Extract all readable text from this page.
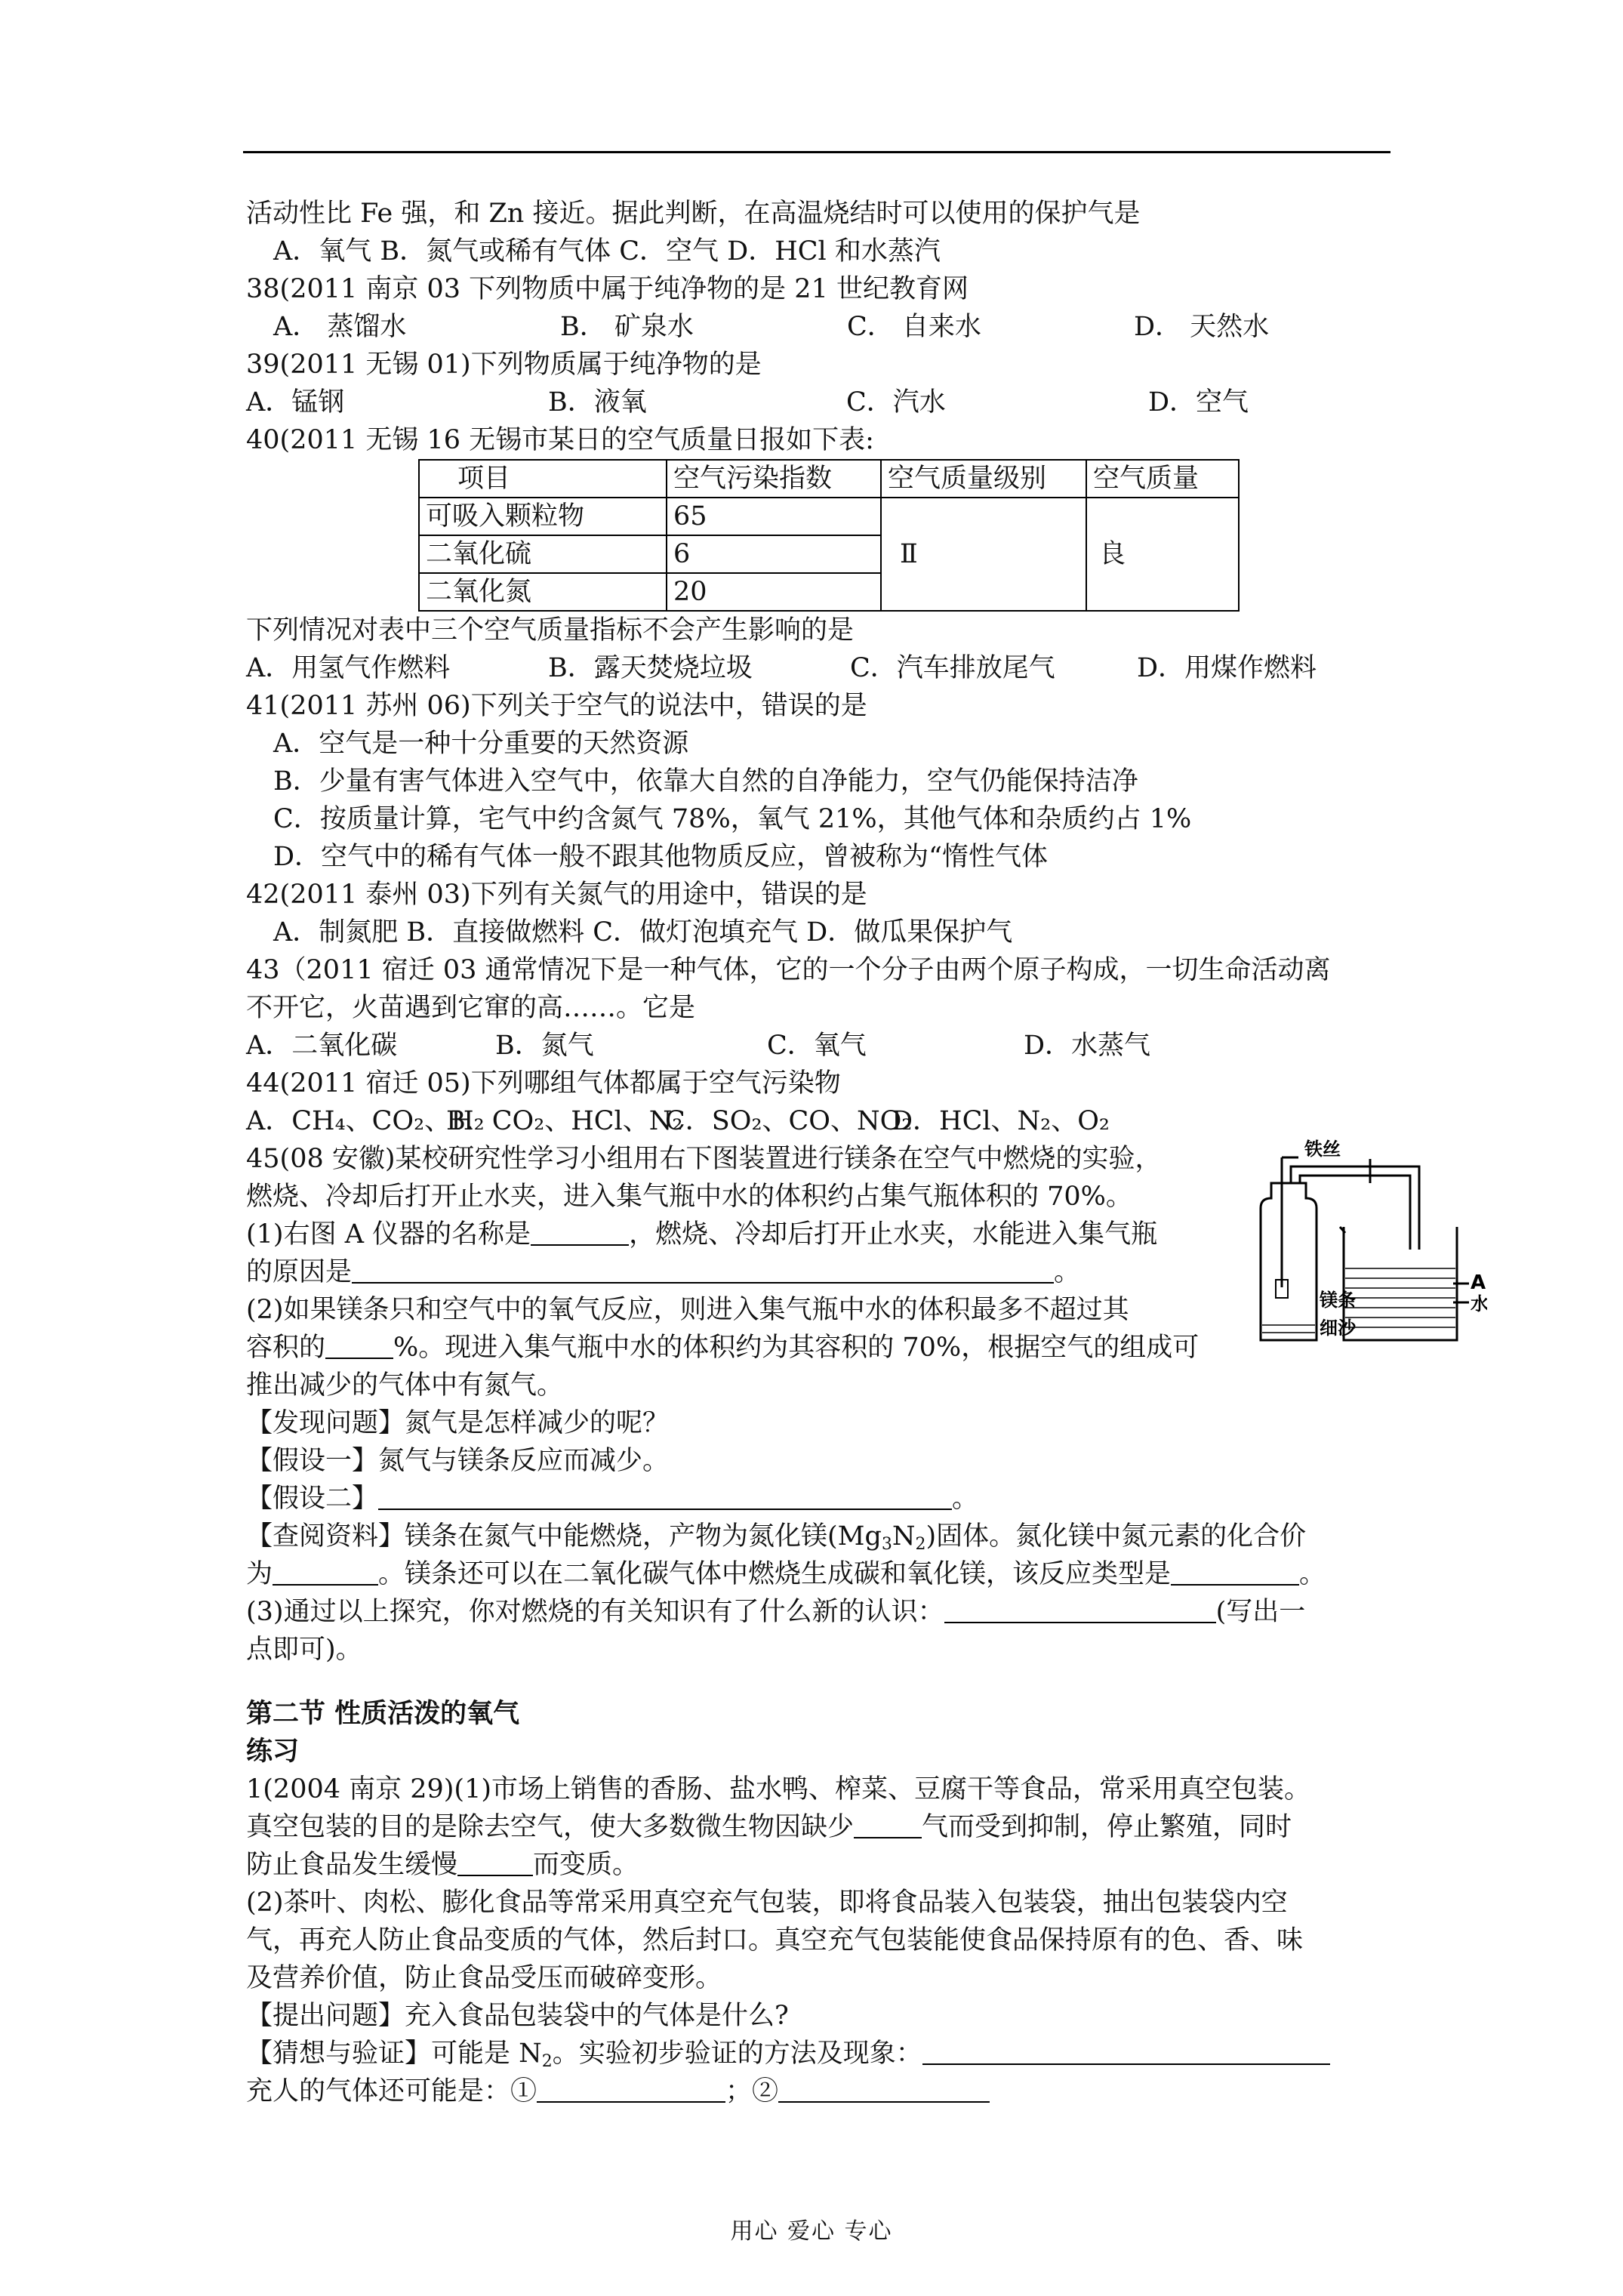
活动性比 Fe 强，和 Zn 接近。据此判断，在高温烧结时可以使用的保护气是
A．氧气 B．氮气或稀有气体 C．空气 D．HCl 和水蒸汽
38(2011 南京 03 下列物质中属于纯净物的是 21 世纪教育网
A． 蒸馏水	B． 矿泉水	C． 自来水	D． 天然水
39(2011 无锡 01)下列物质属于纯净物的是
A．锰钢	B．液氧	C．汽水	D．空气
40(2011 无锡 16 无锡市某日的空气质量日报如下表:
项目	空气污染指数	空气质量级别	空气质量
可吸入颗粒物	65	Ⅱ	良
二氧化硫	6		
二氧化氮	20		
下列情况对表中三个空气质量指标不会产生影响的是
A．用氢气作燃料	B．露天焚烧垃圾	C．汽车排放尾气	D．用煤作燃料
41(2011 苏州 06)下列关于空气的说法中，错误的是
A．空气是一种十分重要的天然资源
B．少量有害气体进入空气中，依靠大自然的自净能力，空气仍能保持洁净
C．按质量计算，宅气中约含氮气 78%，氧气 21%，其他气体和杂质约占 1%
D．空气中的稀有气体一般不跟其他物质反应，曾被称为“惰性气体
42(2011 泰州 03)下列有关氮气的用途中，错误的是
A．制氮肥 B．直接做燃料 C．做灯泡填充气 D．做瓜果保护气
43（2011 宿迁 03 通常情况下是一种气体，它的一个分子由两个原子构成，一切生命活动离
不开它，火苗遇到它窜的高……。它是
A．二氧化碳	B．氮气	C．氧气	D．水蒸气
44(2011 宿迁 05)下列哪组气体都属于空气污染物
A．CH₄、CO₂、H₂
B．CO₂、HCl、N₂
C．SO₂、CO、NO₂
D．HCl、N₂、O₂
45(08 安徽)某校研究性学习小组用右下图装置进行镁条在空气中燃烧的实验，
燃烧、冷却后打开止水夹，进入集气瓶中水的体积约占集气瓶体积的 70%。
(1)右图 A 仪器的名称是	，燃烧、冷却后打开止水夹，水能进入集气瓶
的原因是	。
(2)如果镁条只和空气中的氧气反应，则进入集气瓶中水的体积最多不超过其
容积的	%。现进入集气瓶中水的体积约为其容积的 70%，根据空气的组成可
推出减少的气体中有氮气。
【发现问题】氮气是怎样减少的呢？
【假设一】氮气与镁条反应而减少。
【假设二】	。
【查阅资料】镁条在氮气中能燃烧，产物为氮化镁$(Mg_3N_2)$固体。氮化镁中氮元素的化合价
为	。镁条还可以在二氧化碳气体中燃烧生成碳和氧化镁，该反应类型是	。
(3)通过以上探究，你对燃烧的有关知识有了什么新的认识：	(写出一
点即可)。
第二节 性质活泼的氧气
练习
1(2004 南京 29)(1)市场上销售的香肠、盐水鸭、榨菜、豆腐干等食品，常采用真空包装。
真空包装的目的是除去空气，使大多数微生物因缺少	气而受到抑制，停止繁殖，同时
防止食品发生缓慢	而变质。
(2)茶叶、肉松、膨化食品等常采用真空充气包装，即将食品装入包装袋，抽出包装袋内空
气，再充人防止食品变质的气体，然后封口。真空充气包装能使食品保持原有的色、香、味
及营养价值，防止食品受压而破碎变形。
【提出问题】充入食品包装袋中的气体是什么?
【猜想与验证】可能是 $N_2$。实验初步验证的方法及现象：
充人的气体还可能是：①	；②
铁丝
A
水
镁条
细沙
用心 爱心 专心
